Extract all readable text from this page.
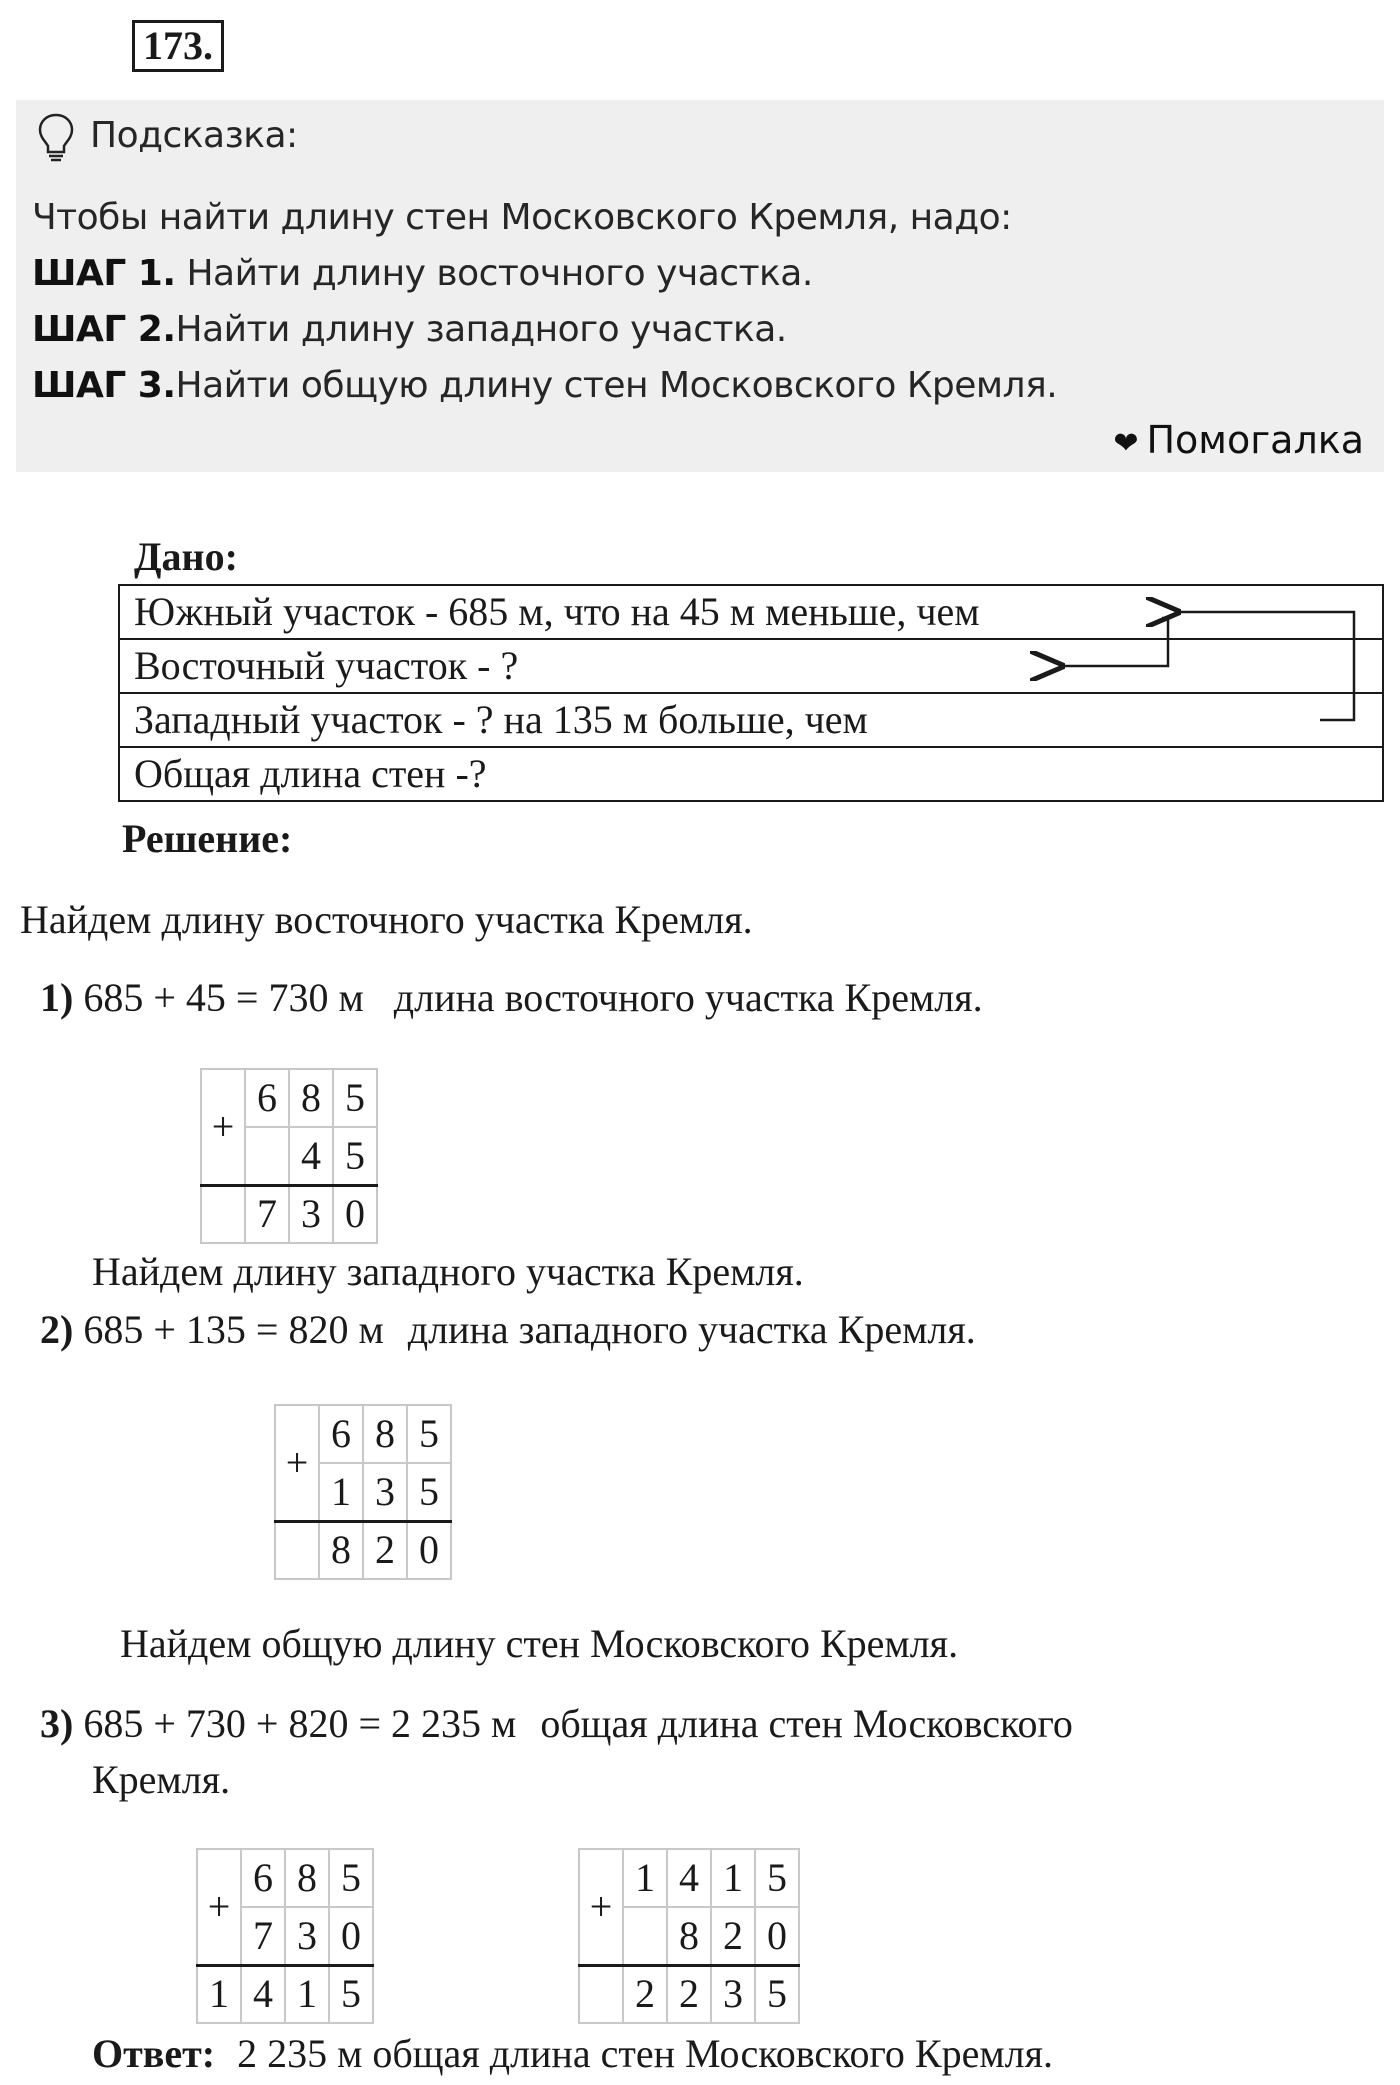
173.
Подсказка:
Чтобы найти длину стен Московского Кремля, надо:
ШАГ 1. Найти длину восточного участка.
ШАГ 2.Найти длину западного участка.
ШАГ 3.Найти общую длину стен Московского Кремля.
❤ Помогалка
Дано:
Южный участок - 685 м, что на 45 м меньше, чем
Восточный участок - ?
Западный участок - ? на 135 м больше, чем
Общая длина стен -?
Решение:
Найдем длину восточного участка Кремля.
1) 685 + 45 = 730 м длина восточного участка Кремля.
+	6	8	5
		4	5
	7	3	0
Найдем длину западного участка Кремля.
2) 685 + 135 = 820 м длина западного участка Кремля.
+	6	8	5
	1	3	5
	8	2	0
Найдем общую длину стен Московского Кремля.
3) 685 + 730 + 820 = 2 235 м общая длина стен Московского
Кремля.
+	6	8	5
	7	3	0
1	4	1	5
+	1	4	1	5
		8	2	0
	2	2	3	5
Ответ: 2 235 м общая длина стен Московского Кремля.
